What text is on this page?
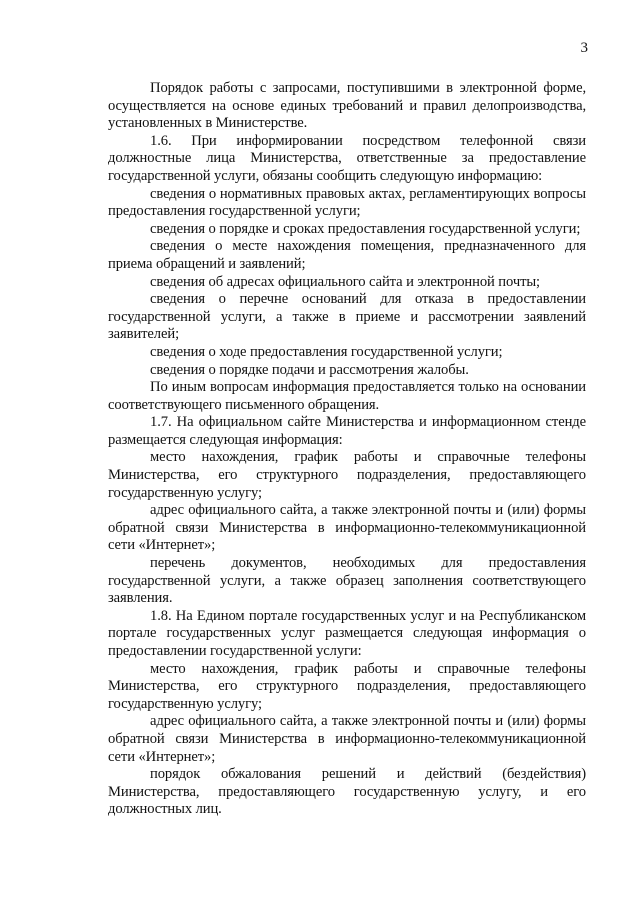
3

Порядок работы с запросами, поступившими в электронной форме, осуществляется на основе единых требований и правил делопроизводства, установленных в Министерстве.

1.6. При информировании посредством телефонной связи должностные лица Министерства, ответственные за предоставление государственной услуги, обязаны сообщить следующую информацию:

сведения о нормативных правовых актах, регламентирующих вопросы предоставления государственной услуги;

сведения о порядке и сроках предоставления государственной услуги;

сведения о месте нахождения помещения, предназначенного для приема обращений и заявлений;

сведения об адресах официального сайта и электронной почты;

сведения о перечне оснований для отказа в предоставлении государственной услуги, а также в приеме и рассмотрении заявлений заявителей;

сведения о ходе предоставления государственной услуги;

сведения о порядке подачи и рассмотрения жалобы.

По иным вопросам информация предоставляется только на основании соответствующего письменного обращения.

1.7. На официальном сайте Министерства и информационном стенде размещается следующая информация:

место нахождения, график работы и справочные телефоны Министерства, его структурного подразделения, предоставляющего государственную услугу;

адрес официального сайта, а также электронной почты и (или) формы обратной связи Министерства в информационно-телекоммуникационной сети «Интернет»;

перечень документов, необходимых для предоставления государственной услуги, а также образец заполнения соответствующего заявления.

1.8. На Едином портале государственных услуг и на Республиканском портале государственных услуг размещается следующая информация о предоставлении государственной услуги:

место нахождения, график работы и справочные телефоны Министерства, его структурного подразделения, предоставляющего государственную услугу;

адрес официального сайта, а также электронной почты и (или) формы обратной связи Министерства в информационно-телекоммуникационной сети «Интернет»;

порядок обжалования решений и действий (бездействия) Министерства, предоставляющего государственную услугу, и его должностных лиц.
